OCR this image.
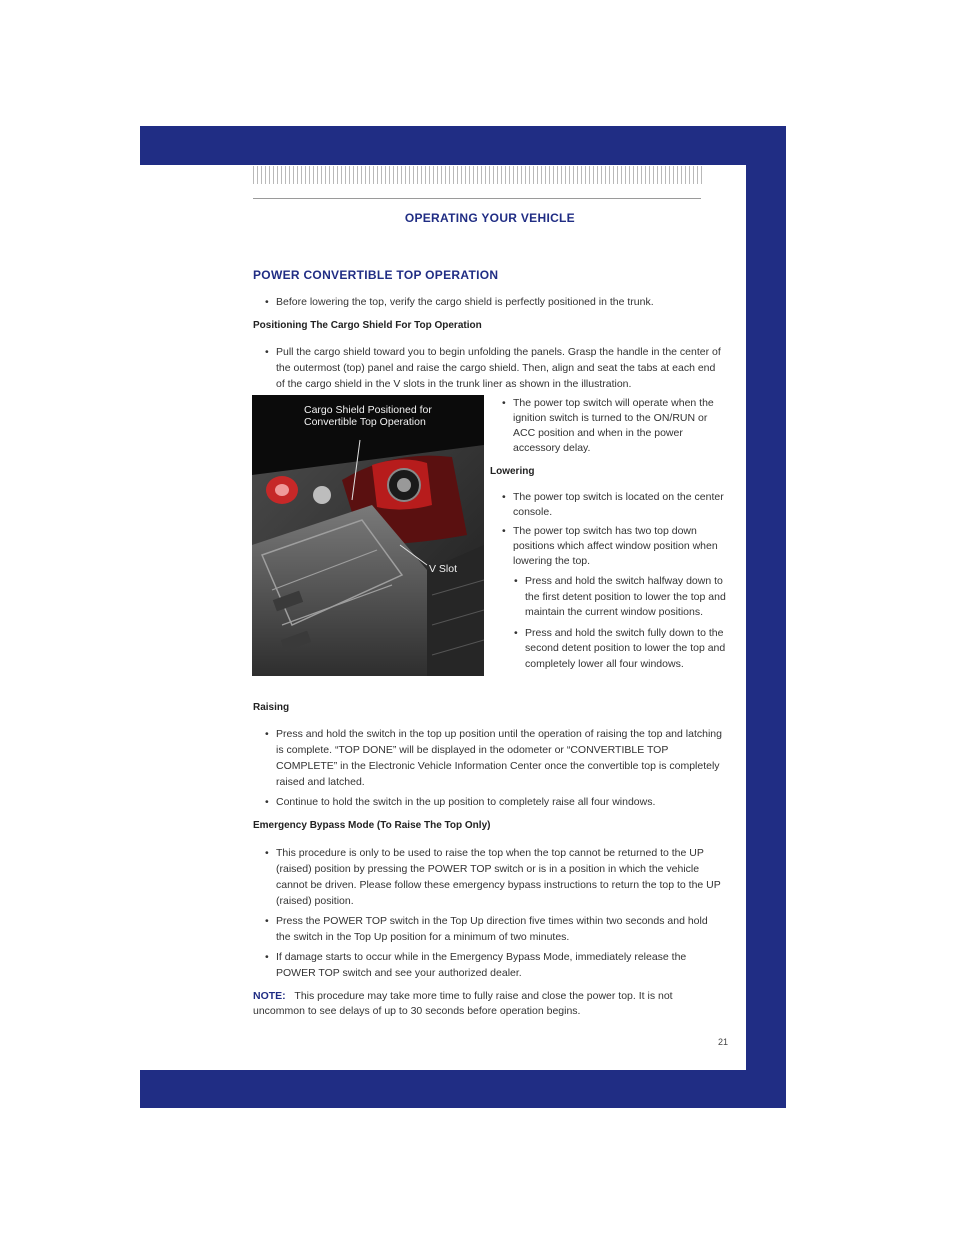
OPERATING YOUR VEHICLE
POWER CONVERTIBLE TOP OPERATION
• Before lowering the top, verify the cargo shield is perfectly positioned in the trunk.
Positioning The Cargo Shield For Top Operation
• Pull the cargo shield toward you to begin unfolding the panels. Grasp the handle in the center of the outermost (top) panel and raise the cargo shield. Then, align and seat the tabs at each end of the cargo shield in the V slots in the trunk liner as shown in the illustration.
Cargo Shield Positioned for Convertible Top Operation
V Slot
• The power top switch will operate when the ignition switch is turned to the ON/RUN or ACC position and when in the power accessory delay.
Lowering
• The power top switch is located on the center console.
• The power top switch has two top down positions which affect window position when lowering the top.
• Press and hold the switch halfway down to the first detent position to lower the top and maintain the current window positions.
• Press and hold the switch fully down to the second detent position to lower the top and completely lower all four windows.
Raising
• Press and hold the switch in the top up position until the operation of raising the top and latching is complete. “TOP DONE” will be displayed in the odometer or “CONVERTIBLE TOP COMPLETE” in the Electronic Vehicle Information Center once the convertible top is completely raised and latched.
• Continue to hold the switch in the up position to completely raise all four windows.
Emergency Bypass Mode (To Raise The Top Only)
• This procedure is only to be used to raise the top when the top cannot be returned to the UP (raised) position by pressing the POWER TOP switch or is in a position in which the vehicle cannot be driven. Please follow these emergency bypass instructions to return the top to the UP (raised) position.
• Press the POWER TOP switch in the Top Up direction five times within two seconds and hold the switch in the Top Up position for a minimum of two minutes.
• If damage starts to occur while in the Emergency Bypass Mode, immediately release the POWER TOP switch and see your authorized dealer.
NOTE: This procedure may take more time to fully raise and close the power top. It is not uncommon to see delays of up to 30 seconds before operation begins.
21
